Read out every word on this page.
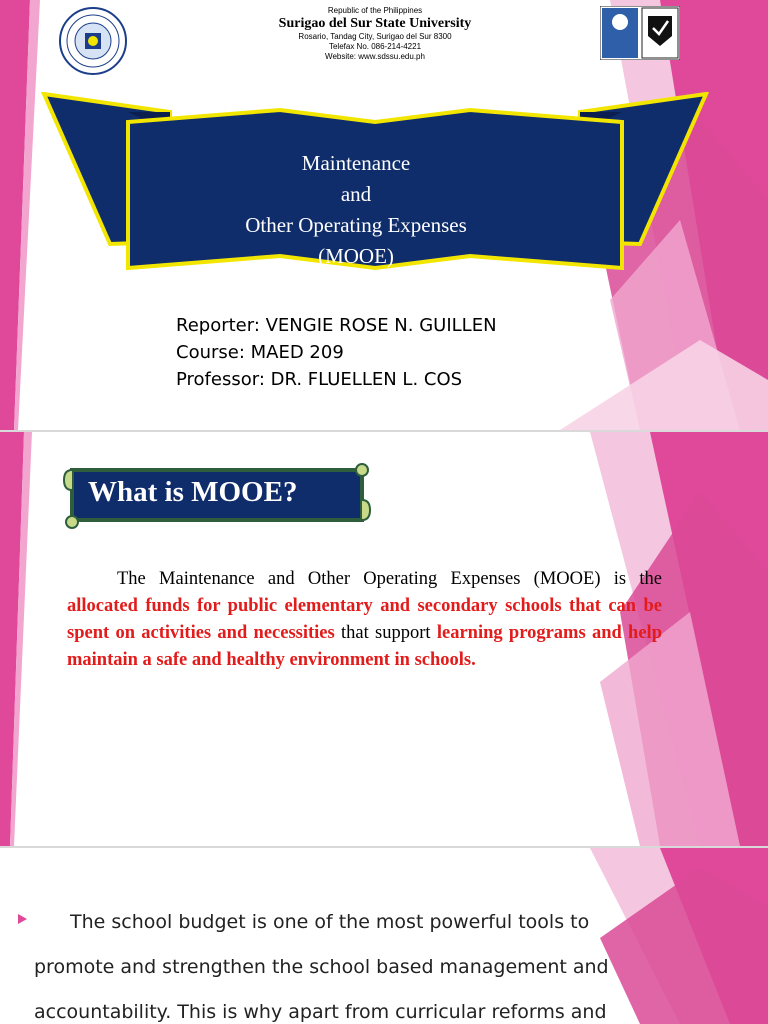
Republic of the Philippines
Surigao del Sur State University
Rosario, Tandag City, Surigao del Sur 8300
Telefax No. 086-214-4221
Website: www.sdssu.edu.ph
Maintenance
and
Other Operating Expenses
(MOOE)
Reporter: VENGIE ROSE N. GUILLEN
Course: MAED 209
Professor: DR. FLUELLEN L. COS
What is MOOE?
The Maintenance and Other Operating Expenses (MOOE) is the allocated funds for public elementary and secondary schools that can be spent on activities and necessities that support learning programs and help maintain a safe and healthy environment in schools.
The school budget is one of the most powerful tools to promote and strengthen the school based management and accountability. This is why apart from curricular reforms and
